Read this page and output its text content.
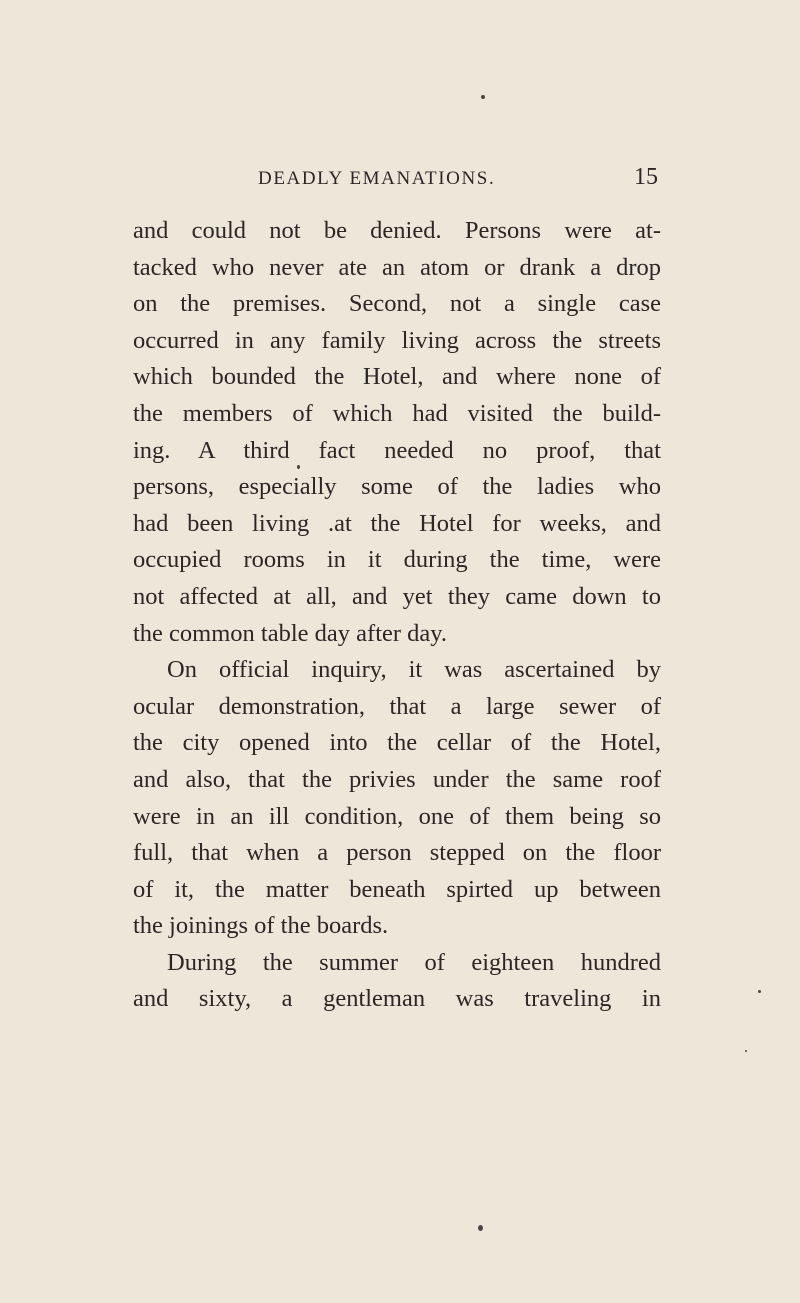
DEADLY EMANATIONS.	15
and could not be denied. Persons were at-
tacked who never ate an atom or drank a drop
on the premises. Second, not a single case
occurred in any family living across the streets
which bounded the Hotel, and where none of
the members of which had visited the build-
ing. A third fact needed no proof, that
persons, especially some of the ladies who
had been living .at the Hotel for weeks, and
occupied rooms in it during the time, were
not affected at all, and yet they came down to
the common table day after day.
On official inquiry, it was ascertained by
ocular demonstration, that a large sewer of
the city opened into the cellar of the Hotel,
and also, that the privies under the same roof
were in an ill condition, one of them being so
full, that when a person stepped on the floor
of it, the matter beneath spirted up between
the joinings of the boards.
During the summer of eighteen hundred
and sixty, a gentleman was traveling in
